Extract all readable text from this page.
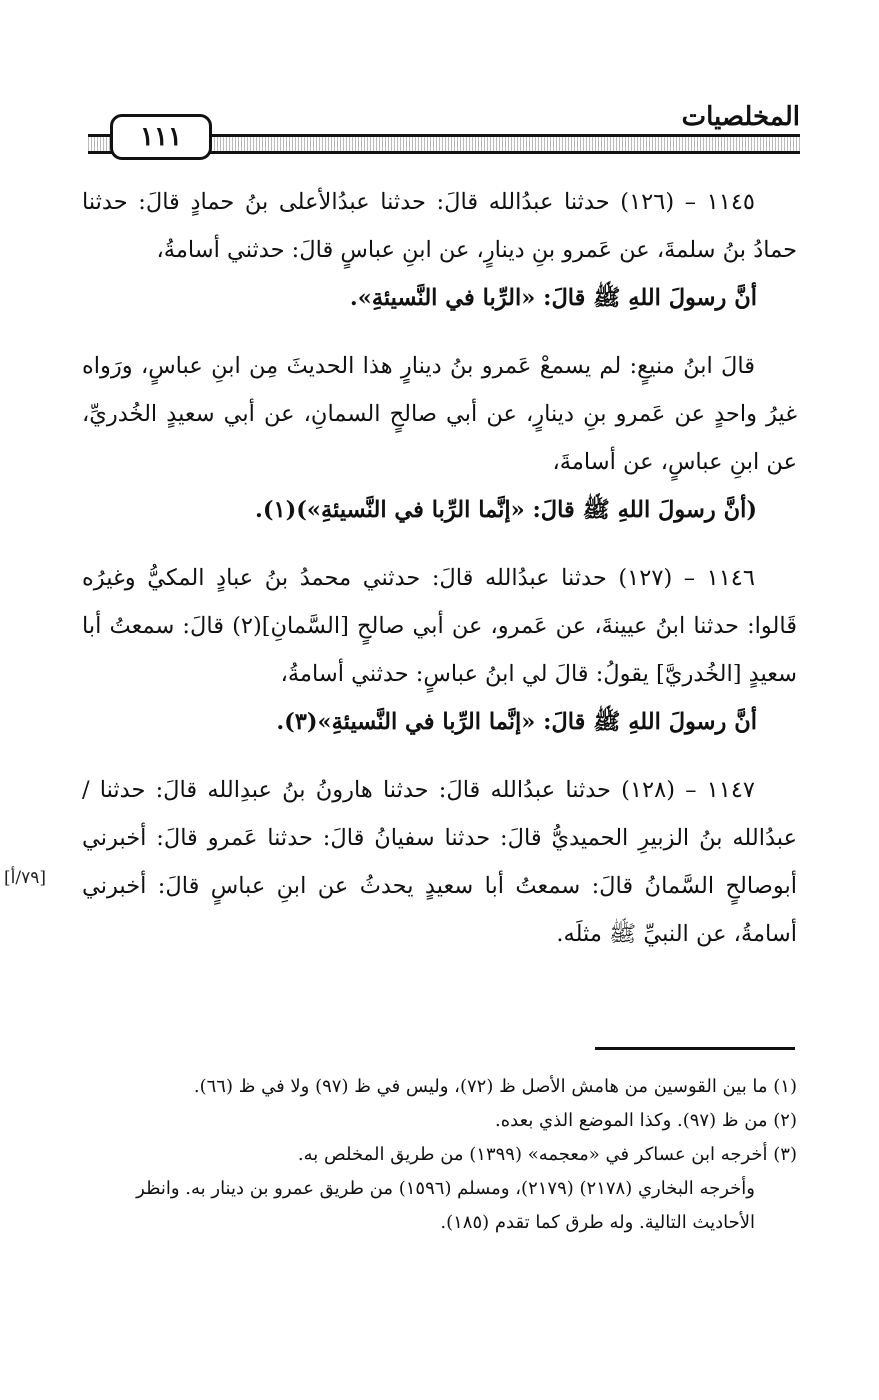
المخلصيات
١١١

١١٤٥ – (١٢٦) حدثنا عبدُالله قالَ: حدثنا عبدُالأعلى بنُ حمادٍ قالَ: حدثنا حمادُ بنُ سلمةَ، عن عَمرو بنِ دينارٍ، عن ابنِ عباسٍ قالَ: حدثني أسامةُ،

أنَّ رسولَ اللهِ ﷺ قالَ: «الرِّبا في النَّسيئةِ».

قالَ ابنُ منيعٍ: لم يسمعْ عَمرو بنُ دينارٍ هذا الحديثَ مِن ابنِ عباسٍ، ورَواه غيرُ واحدٍ عن عَمرو بنِ دينارٍ، عن أبي صالحٍ السمانِ، عن أبي سعيدٍ الخُدريِّ، عن ابنِ عباسٍ، عن أسامةَ،

(أنَّ رسولَ اللهِ ﷺ قالَ: «إنَّما الرِّبا في النَّسيئةِ»)(١).

١١٤٦ – (١٢٧) حدثنا عبدُالله قالَ: حدثني محمدُ بنُ عبادٍ المكيُّ وغيرُه قَالوا: حدثنا ابنُ عيينةَ، عن عَمرو، عن أبي صالحٍ [السَّمانِ](٢) قالَ: سمعتُ أبا سعيدٍ [الخُدريَّ] يقولُ: قالَ لي ابنُ عباسٍ: حدثني أسامةُ،

أنَّ رسولَ اللهِ ﷺ قالَ: «إنَّما الرِّبا في النَّسيئةِ»(٣).

١١٤٧ – (١٢٨) حدثنا عبدُالله قالَ: حدثنا هارونُ بنُ عبدِالله قالَ: حدثنا / عبدُالله بنُ الزبيرِ الحميديُّ قالَ: حدثنا سفيانُ قالَ: حدثنا عَمرو قالَ: أخبرني أبوصالحٍ السَّمانُ قالَ: سمعتُ أبا سعيدٍ يحدثُ عن ابنِ عباسٍ قالَ: أخبرني أسامةُ، عن النبيِّ ﷺ مثلَه.

[٧٩/أ]

(١) ما بين القوسين من هامش الأصل ظ (٧٢)، وليس في ظ (٩٧) ولا في ظ (٦٦).

(٢) من ظ (٩٧). وكذا الموضع الذي بعده.

(٣) أخرجه ابن عساكر في «معجمه» (١٣٩٩) من طريق المخلص به.

وأخرجه البخاري (٢١٧٨) (٢١٧٩)، ومسلم (١٥٩٦) من طريق عمرو بن دينار به. وانظر الأحاديث التالية. وله طرق كما تقدم (١٨٥).
